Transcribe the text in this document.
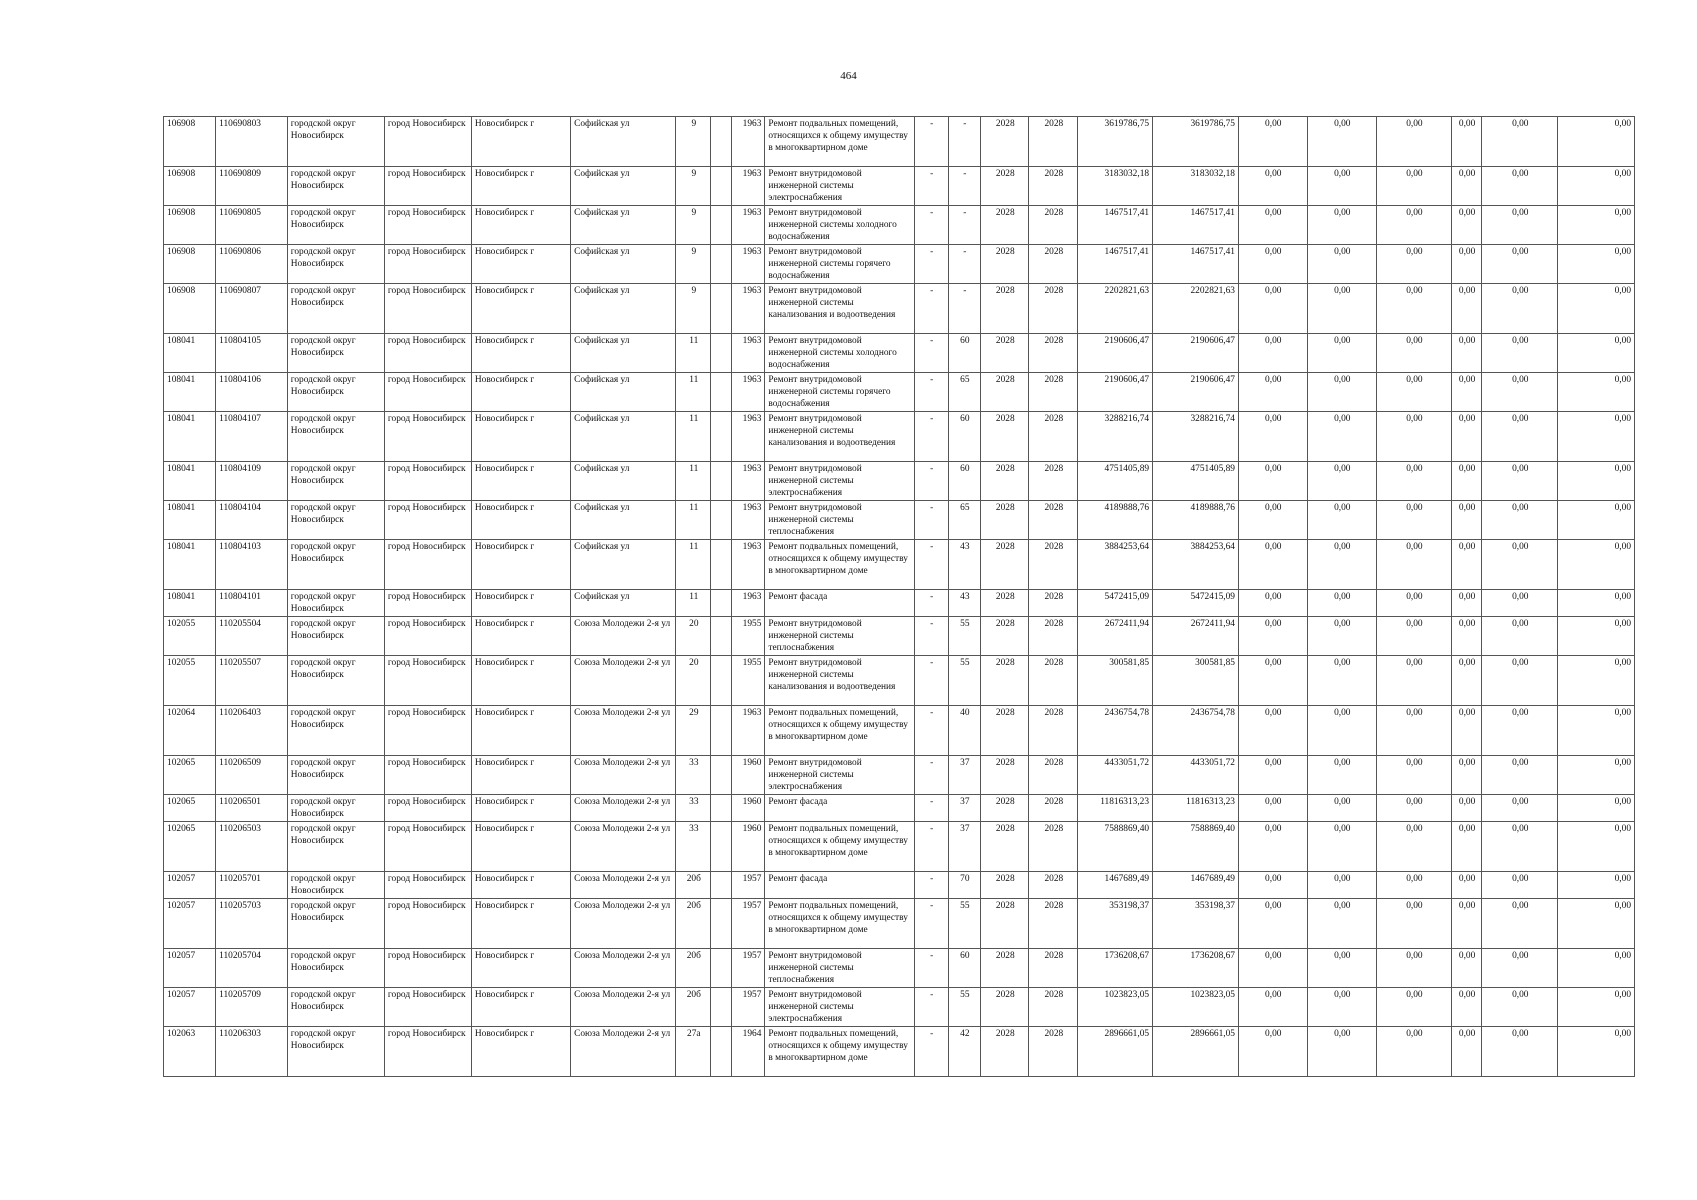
464
106908	110690803	городской округ Новосибирск	город Новосибирск	Новосибирск г	Софийская ул	9		1963	Ремонт подвальных помещений, относящихся к общему имуществу в многоквартирном доме	-	-	2028	2028	3619786,75	3619786,75	0,00	0,00	0,00	0,00	0,00	0,00
106908	110690809	городской округ Новосибирск	город Новосибирск	Новосибирск г	Софийская ул	9		1963	Ремонт внутридомовой инженерной системы электроснабжения	-	-	2028	2028	3183032,18	3183032,18	0,00	0,00	0,00	0,00	0,00	0,00
106908	110690805	городской округ Новосибирск	город Новосибирск	Новосибирск г	Софийская ул	9		1963	Ремонт внутридомовой инженерной системы холодного водоснабжения	-	-	2028	2028	1467517,41	1467517,41	0,00	0,00	0,00	0,00	0,00	0,00
106908	110690806	городской округ Новосибирск	город Новосибирск	Новосибирск г	Софийская ул	9		1963	Ремонт внутридомовой инженерной системы горячего водоснабжения	-	-	2028	2028	1467517,41	1467517,41	0,00	0,00	0,00	0,00	0,00	0,00
106908	110690807	городской округ Новосибирск	город Новосибирск	Новосибирск г	Софийская ул	9		1963	Ремонт внутридомовой инженерной системы канализования и водоотведения	-	-	2028	2028	2202821,63	2202821,63	0,00	0,00	0,00	0,00	0,00	0,00
108041	110804105	городской округ Новосибирск	город Новосибирск	Новосибирск г	Софийская ул	11		1963	Ремонт внутридомовой инженерной системы холодного водоснабжения	-	60	2028	2028	2190606,47	2190606,47	0,00	0,00	0,00	0,00	0,00	0,00
108041	110804106	городской округ Новосибирск	город Новосибирск	Новосибирск г	Софийская ул	11		1963	Ремонт внутридомовой инженерной системы горячего водоснабжения	-	65	2028	2028	2190606,47	2190606,47	0,00	0,00	0,00	0,00	0,00	0,00
108041	110804107	городской округ Новосибирск	город Новосибирск	Новосибирск г	Софийская ул	11		1963	Ремонт внутридомовой инженерной системы канализования и водоотведения	-	60	2028	2028	3288216,74	3288216,74	0,00	0,00	0,00	0,00	0,00	0,00
108041	110804109	городской округ Новосибирск	город Новосибирск	Новосибирск г	Софийская ул	11		1963	Ремонт внутридомовой инженерной системы электроснабжения	-	60	2028	2028	4751405,89	4751405,89	0,00	0,00	0,00	0,00	0,00	0,00
108041	110804104	городской округ Новосибирск	город Новосибирск	Новосибирск г	Софийская ул	11		1963	Ремонт внутридомовой инженерной системы теплоснабжения	-	65	2028	2028	4189888,76	4189888,76	0,00	0,00	0,00	0,00	0,00	0,00
108041	110804103	городской округ Новосибирск	город Новосибирск	Новосибирск г	Софийская ул	11		1963	Ремонт подвальных помещений, относящихся к общему имуществу в многоквартирном доме	-	43	2028	2028	3884253,64	3884253,64	0,00	0,00	0,00	0,00	0,00	0,00
108041	110804101	городской округ Новосибирск	город Новосибирск	Новосибирск г	Софийская ул	11		1963	Ремонт фасада	-	43	2028	2028	5472415,09	5472415,09	0,00	0,00	0,00	0,00	0,00	0,00
102055	110205504	городской округ Новосибирск	город Новосибирск	Новосибирск г	Союза Молодежи 2-я ул	20		1955	Ремонт внутридомовой инженерной системы теплоснабжения	-	55	2028	2028	2672411,94	2672411,94	0,00	0,00	0,00	0,00	0,00	0,00
102055	110205507	городской округ Новосибирск	город Новосибирск	Новосибирск г	Союза Молодежи 2-я ул	20		1955	Ремонт внутридомовой инженерной системы канализования и водоотведения	-	55	2028	2028	300581,85	300581,85	0,00	0,00	0,00	0,00	0,00	0,00
102064	110206403	городской округ Новосибирск	город Новосибирск	Новосибирск г	Союза Молодежи 2-я ул	29		1963	Ремонт подвальных помещений, относящихся к общему имуществу в многоквартирном доме	-	40	2028	2028	2436754,78	2436754,78	0,00	0,00	0,00	0,00	0,00	0,00
102065	110206509	городской округ Новосибирск	город Новосибирск	Новосибирск г	Союза Молодежи 2-я ул	33		1960	Ремонт внутридомовой инженерной системы электроснабжения	-	37	2028	2028	4433051,72	4433051,72	0,00	0,00	0,00	0,00	0,00	0,00
102065	110206501	городской округ Новосибирск	город Новосибирск	Новосибирск г	Союза Молодежи 2-я ул	33		1960	Ремонт фасада	-	37	2028	2028	11816313,23	11816313,23	0,00	0,00	0,00	0,00	0,00	0,00
102065	110206503	городской округ Новосибирск	город Новосибирск	Новосибирск г	Союза Молодежи 2-я ул	33		1960	Ремонт подвальных помещений, относящихся к общему имуществу в многоквартирном доме	-	37	2028	2028	7588869,40	7588869,40	0,00	0,00	0,00	0,00	0,00	0,00
102057	110205701	городской округ Новосибирск	город Новосибирск	Новосибирск г	Союза Молодежи 2-я ул	20б		1957	Ремонт фасада	-	70	2028	2028	1467689,49	1467689,49	0,00	0,00	0,00	0,00	0,00	0,00
102057	110205703	городской округ Новосибирск	город Новосибирск	Новосибирск г	Союза Молодежи 2-я ул	20б		1957	Ремонт подвальных помещений, относящихся к общему имуществу в многоквартирном доме	-	55	2028	2028	353198,37	353198,37	0,00	0,00	0,00	0,00	0,00	0,00
102057	110205704	городской округ Новосибирск	город Новосибирск	Новосибирск г	Союза Молодежи 2-я ул	20б		1957	Ремонт внутридомовой инженерной системы теплоснабжения	-	60	2028	2028	1736208,67	1736208,67	0,00	0,00	0,00	0,00	0,00	0,00
102057	110205709	городской округ Новосибирск	город Новосибирск	Новосибирск г	Союза Молодежи 2-я ул	20б		1957	Ремонт внутридомовой инженерной системы электроснабжения	-	55	2028	2028	1023823,05	1023823,05	0,00	0,00	0,00	0,00	0,00	0,00
102063	110206303	городской округ Новосибирск	город Новосибирск	Новосибирск г	Союза Молодежи 2-я ул	27а		1964	Ремонт подвальных помещений, относящихся к общему имуществу в многоквартирном доме	-	42	2028	2028	2896661,05	2896661,05	0,00	0,00	0,00	0,00	0,00	0,00
